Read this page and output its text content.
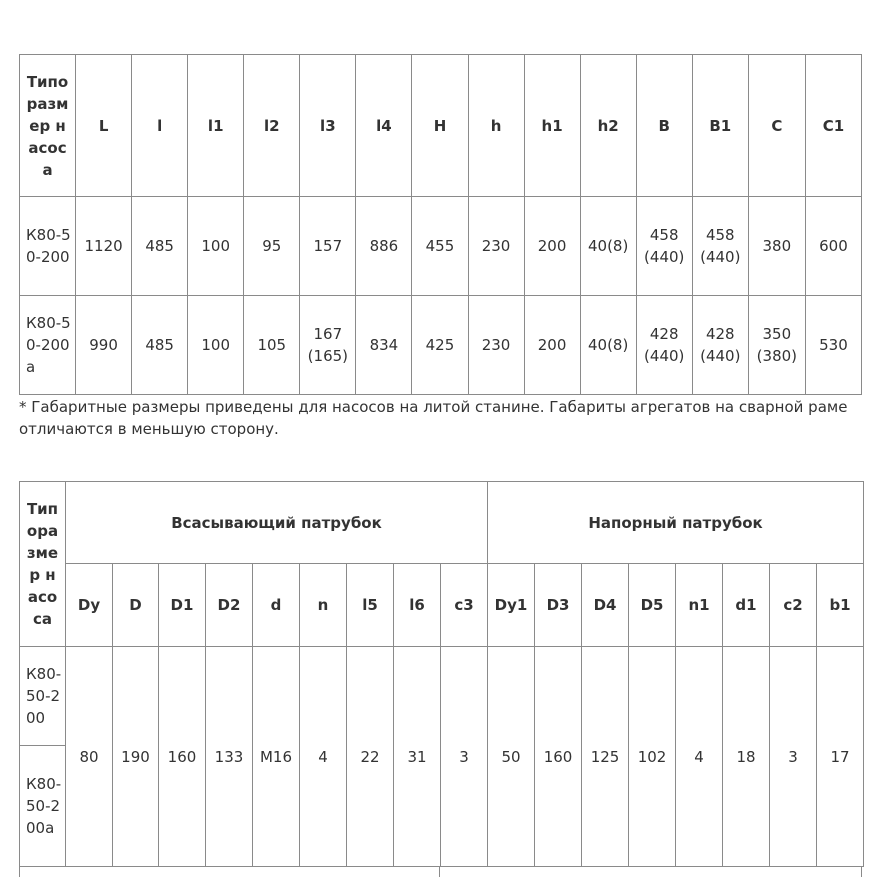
Типоразмер насоса	L	l	l1	l2	l3	l4	H	h	h1	h2	B	B1	C	C1
К80-50-200	1120	485	100	95	157	886	455	230	200	40(8)	458 (440)	458 (440)	380	600
К80-50-200а	990	485	100	105	167 (165)	834	425	230	200	40(8)	428 (440)	428 (440)	350 (380)	530

* Габаритные размеры приведены для насосов на литой станине. Габариты агрегатов на сварной раме отличаются в меньшую сторону.

Типоразмер насоса	Всасывающий патрубок									Напорный патрубок							
	Dy	D	D1	D2	d	n	l5	l6	c3	Dy1	D3	D4	D5	n1	d1	c2	b1
К80-50-200	80	190	160	133	М16	4	22	31	3	50	160	125	102	4	18	3	17
К80-50-200а																	
